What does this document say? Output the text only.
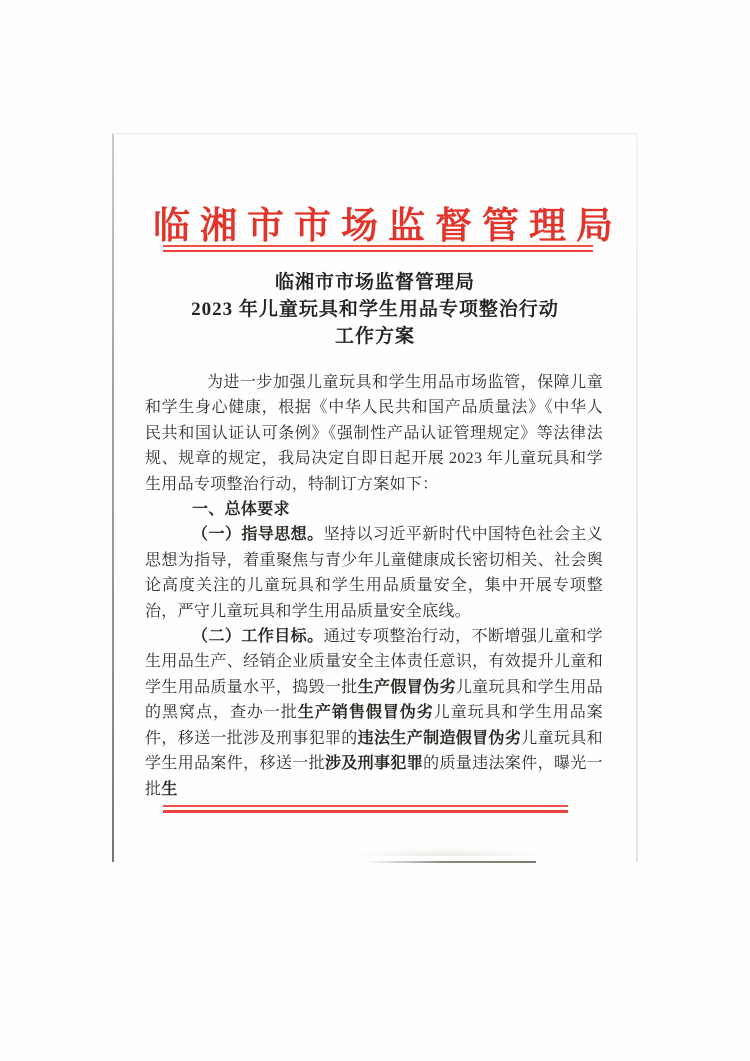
临湘市市场监督管理局
临湘市市场监督管理局
2023 年儿童玩具和学生用品专项整治行动
工作方案

为进一步加强儿童玩具和学生用品市场监管，保障儿童和学生身心健康，根据《中华人民共和国产品质量法》《中华人民共和国认证认可条例》《强制性产品认证管理规定》等法律法规、规章的规定，我局决定自即日起开展 2023 年儿童玩具和学生用品专项整治行动，特制订方案如下：

一、总体要求

（一）指导思想。坚持以习近平新时代中国特色社会主义思想为指导，着重聚焦与青少年儿童健康成长密切相关、社会舆论高度关注的儿童玩具和学生用品质量安全，集中开展专项整治，严守儿童玩具和学生用品质量安全底线。

（二）工作目标。通过专项整治行动，不断增强儿童和学生用品生产、经销企业质量安全主体责任意识，有效提升儿童和学生用品质量水平，捣毁一批生产假冒伪劣儿童玩具和学生用品的黑窝点，查办一批生产销售假冒伪劣儿童玩具和学生用品案件，移送一批涉及刑事犯罪的违法生产制造假冒伪劣儿童玩具和学生用品案件，移送一批涉及刑事犯罪的质量违法案件，曝光一批生
